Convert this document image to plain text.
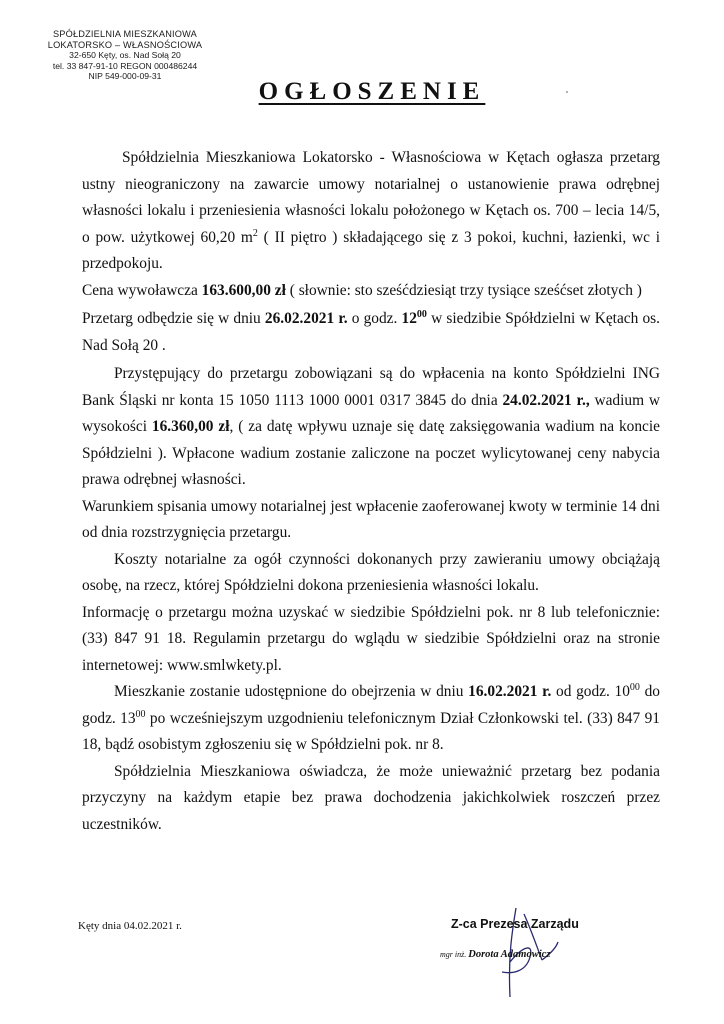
SPÓŁDZIELNIA MIESZKANIOWA
LOKATORSKO – WŁASNOŚCIOWA
32-650 Kęty, os. Nad Sołą 20
tel. 33 847-91-10 REGON 000486244
NIP 549-000-09-31
OGŁOSZENIE

Spółdzielnia Mieszkaniowa Lokatorsko - Własnościowa w Kętach ogłasza przetarg ustny nieograniczony na zawarcie umowy notarialnej o ustanowienie prawa odrębnej własności lokalu i przeniesienia własności lokalu położonego w Kętach os. 700 – lecia 14/5, o pow. użytkowej 60,20 $m^2$ ( II piętro ) składającego się z 3 pokoi, kuchni, łazienki, wc i przedpokoju.

Cena wywoławcza 163.600,00 zł ( słownie: sto sześćdziesiąt trzy tysiące sześćset złotych )

Przetarg odbędzie się w dniu 26.02.2021 r. o godz. $12^{00}$ w siedzibie Spółdzielni w Kętach os. Nad Sołą 20 .

Przystępujący do przetargu zobowiązani są do wpłacenia na konto Spółdzielni ING Bank Śląski nr konta 15 1050 1113 1000 0001 0317 3845 do dnia 24.02.2021 r., wadium w wysokości 16.360,00 zł, ( za datę wpływu uznaje się datę zaksięgowania wadium na koncie Spółdzielni ). Wpłacone wadium zostanie zaliczone na poczet wylicytowanej ceny nabycia prawa odrębnej własności.

Warunkiem spisania umowy notarialnej jest wpłacenie zaoferowanej kwoty w terminie 14 dni od dnia rozstrzygnięcia przetargu.

Koszty notarialne za ogół czynności dokonanych przy zawieraniu umowy obciążają osobę, na rzecz, której Spółdzielni dokona przeniesienia własności lokalu.

Informację o przetargu można uzyskać w siedzibie Spółdzielni pok. nr 8 lub telefonicznie: (33) 847 91 18. Regulamin przetargu do wglądu w siedzibie Spółdzielni oraz na stronie internetowej: www.smlwkety.pl.

Mieszkanie zostanie udostępnione do obejrzenia w dniu 16.02.2021 r. od godz. $10^{00}$ do godz. $13^{00}$ po wcześniejszym uzgodnieniu telefonicznym Dział Członkowski tel. (33) 847 91 18, bądź osobistym zgłoszeniu się w Spółdzielni pok. nr 8.

Spółdzielnia Mieszkaniowa oświadcza, że może unieważnić przetarg bez podania przyczyny na każdym etapie bez prawa dochodzenia jakichkolwiek roszczeń przez uczestników.

Kęty dnia 04.02.2021 r.	Z-ca Prezesa Zarządu
mgr inż. Dorota Adamowicz
